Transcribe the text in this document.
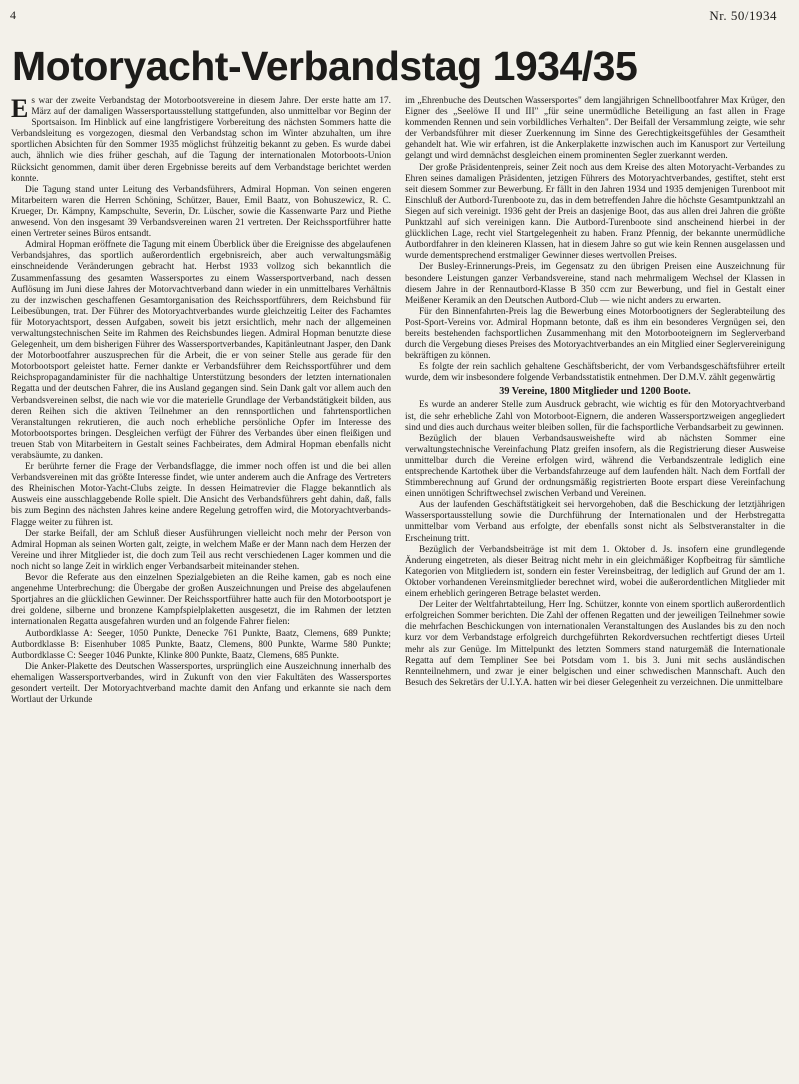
4	Nr. 50/1934
Motoryacht-Verbandstag 1934/35

Es war der zweite Verbandstag der Motorbootsvereine in diesem Jahre. Der erste hatte am 17. März auf der damaligen Wassersportausstellung stattgefunden, also unmittelbar vor Beginn der Sportsaison. Im Hinblick auf eine langfristigere Vorbereitung des nächsten Sommers hatte die Verbandsleitung es vorgezogen, diesmal den Verbandstag schon im Winter abzuhalten, um ihre sportlichen Absichten für den Sommer 1935 möglichst frühzeitig bekannt zu geben. Es wurde dabei auch, ähnlich wie dies früher geschah, auf die Tagung der internationalen Motorboots-Union Rücksicht genommen, damit über deren Ergebnisse bereits auf dem Verbandstage berichtet werden konnte.

Die Tagung stand unter Leitung des Verbandsführers, Admiral Hopman. Von seinen engeren Mitarbeitern waren die Herren Schöning, Schützer, Bauer, Emil Baatz, von Bohuszewicz, R. C. Krueger, Dr. Kämpny, Kampschulte, Severin, Dr. Lüscher, sowie die Kassenwarte Parz und Piethe anwesend. Von den insgesamt 39 Verbandsvereinen waren 21 vertreten. Der Reichssportführer hatte einen Vertreter seines Büros entsandt.

Admiral Hopman eröffnete die Tagung mit einem Überblick über die Ereignisse des abgelaufenen Verbandsjahres, das sportlich außerordentlich ergebnisreich, aber auch verwaltungsmäßig einschneidende Veränderungen gebracht hat. Herbst 1933 vollzog sich bekanntlich die Zusammenfassung des gesamten Wassersportes zu einem Wassersportverband, nach dessen Auflösung im Juni diese Jahres der Motorvachtverband dann wieder in ein unmittelbares Verhältnis zu der inzwischen geschaffenen Gesamtorganisation des Reichssportführers, dem Reichsbund für Leibesübungen, trat. Der Führer des Motoryachtverbandes wurde gleichzeitig Leiter des Fachamtes für Motoryachtsport, dessen Aufgaben, soweit bis jetzt ersichtlich, mehr nach der allgemeinen verwaltungstechnischen Seite im Rahmen des Reichsbundes liegen. Admiral Hopman benutzte diese Gelegenheit, um dem bisherigen Führer des Wassersportverbandes, Kapitänleutnant Jasper, den Dank der Motorbootfahrer auszusprechen für die Arbeit, die er von seiner Stelle aus gerade für den Motorbootsport geleistet hatte. Ferner dankte er Verbandsführer dem Reichssportführer und dem Reichspropagandaminister für die nachhaltige Unterstützung besonders der letzten internationalen Regatta und der deutschen Fahrer, die ins Ausland gegangen sind. Sein Dank galt vor allem auch den Verbandsvereinen selbst, die nach wie vor die materielle Grundlage der Verbandstätigkeit bilden, aus deren Reihen sich die aktiven Teilnehmer an den rennsportlichen und fahrtensportlichen Veranstaltungen rekrutieren, die auch noch erhebliche persönliche Opfer im Interesse des Motorbootsportes bringen. Desgleichen verfügt der Führer des Verbandes über einen fleißigen und treuen Stab von Mitarbeitern in Gestalt seines Fachbeirates, dem Admiral Hopman ebenfalls nicht verabsäumte, zu danken.

Er berührte ferner die Frage der Verbandsflagge, die immer noch offen ist und die bei allen Verbandsvereinen mit das größte Interesse findet, wie unter anderem auch die Anfrage des Vertreters des Rheinischen Motor-Yacht-Clubs zeigte. In dessen Heimatrevier die Flagge bekanntlich als Ausweis eine ausschlaggebende Rolle spielt. Die Ansicht des Verbandsführers geht dahin, daß, falls bis zum Beginn des nächsten Jahres keine andere Regelung getroffen wird, die Motoryachtverbands-Flagge weiter zu führen ist.

Der starke Beifall, der am Schluß dieser Ausführungen vielleicht noch mehr der Person von Admiral Hopman als seinen Worten galt, zeigte, in welchem Maße er der Mann nach dem Herzen der Vereine und ihrer Mitglieder ist, die doch zum Teil aus recht verschiedenen Lager kommen und die noch nicht so lange Zeit in wirklich enger Verbandsarbeit miteinander stehen.

Bevor die Referate aus den einzelnen Spezialgebieten an die Reihe kamen, gab es noch eine angenehme Unterbrechung: die Übergabe der großen Auszeichnungen und Preise des abgelaufenen Sportjahres an die glücklichen Gewinner. Der Reichssportführer hatte auch für den Motorbootsport je drei goldene, silberne und bronzene Kampfspielplaketten ausgesetzt, die im Rahmen der letzten internationalen Regatta ausgefahren wurden und an folgende Fahrer fielen:

Autbordklasse A: Seeger, 1050 Punkte, Denecke 761 Punkte, Baatz, Clemens, 689 Punkte; Autbordklasse B: Eisenhuber 1085 Punkte, Baatz, Clemens, 800 Punkte, Warme 580 Punkte; Autbordklasse C: Seeger 1046 Punkte, Klinke 800 Punkte, Baatz, Clemens, 685 Punkte.

Die Anker-Plakette des Deutschen Wassersportes, ursprünglich eine Auszeichnung innerhalb des ehemaligen Wassersportverbandes, wird in Zukunft von den vier Fakultäten des Wassersportes gesondert verteilt. Der Motoryachtverband machte damit den Anfang und erkannte sie nach dem Wortlaut der Urkunde

im „Ehrenbuche des Deutschen Wassersportes" dem langjährigen Schnellbootfahrer Max Krüger, den Eigner des „Seelöwe II und III" „für seine unermüdliche Beteiligung an fast allen in Frage kommenden Rennen und sein vorbildliches Verhalten". Der Beifall der Versammlung zeigte, wie sehr der Verbandsführer mit dieser Zuerkennung im Sinne des Gerechtigkeitsgefühles der Gesamtheit gehandelt hat. Wie wir erfahren, ist die Ankerplakette inzwischen auch im Kanusport zur Verteilung gelangt und wird demnächst desgleichen einem prominenten Segler zuerkannt werden.

Der große Präsidentenpreis, seiner Zeit noch aus dem Kreise des alten Motoryacht-Verbandes zu Ehren seines damaligen Präsidenten, jetzigen Führers des Motoryachtverbandes, gestiftet, steht erst seit diesem Sommer zur Bewerbung. Er fällt in den Jahren 1934 und 1935 demjenigen Turenboot mit Einschluß der Autbord-Turenboote zu, das in dem betreffenden Jahre die höchste Gesamtpunktzahl an Siegen auf sich vereinigt. 1936 geht der Preis an dasjenige Boot, das aus allen drei Jahren die größte Punktzahl auf sich vereinigen kann. Die Autbord-Turenboote sind anscheinend hierbei in der glücklichen Lage, recht viel Startgelegenheit zu haben. Franz Pfennig, der bekannte unermüdliche Autbordfahrer in den kleineren Klassen, hat in diesem Jahre so gut wie kein Rennen ausgelassen und wurde dementsprechend erstmaliger Gewinner dieses wertvollen Preises.

Der Busley-Erinnerungs-Preis, im Gegensatz zu den übrigen Preisen eine Auszeichnung für besondere Leistungen ganzer Verbandsvereine, stand nach mehrmaligem Wechsel der Klassen in diesem Jahre in der Rennautbord-Klasse B 350 ccm zur Bewerbung, und fiel in Gestalt einer Meißener Keramik an den Deutschen Autbord-Club — wie nicht anders zu erwarten.

Für den Binnenfahrten-Preis lag die Bewerbung eines Motorbootigners der Seglerabteilung des Post-Sport-Vereins vor. Admiral Hopmann betonte, daß es ihm ein besonderes Vergnügen sei, den bereits bestehenden fachsportlichen Zusammenhang mit den Motorbooteignern im Seglerverband durch die Vergebung dieses Preises des Motoryachtverbandes an ein Mitglied einer Seglervereinigung bekräftigen zu können.

Es folgte der rein sachlich gehaltene Geschäftsbericht, der vom Verbandsgeschäftsführer erteilt wurde, dem wir insbesondere folgende Verbandsstatistik entnehmen. Der D.M.V. zählt gegenwärtig

39 Vereine, 1800 Mitglieder und 1200 Boote.

Es wurde an anderer Stelle zum Ausdruck gebracht, wie wichtig es für den Motoryachtverband ist, die sehr erhebliche Zahl von Motorboot-Eignern, die anderen Wassersportzweigen angegliedert sind und dies auch durchaus weiter bleiben sollen, für die fachsportliche Verbandsarbeit zu gewinnen.

Bezüglich der blauen Verbandsausweishefte wird ab nächsten Sommer eine verwaltungstechnische Vereinfachung Platz greifen insofern, als die Registrierung dieser Ausweise unmittelbar durch die Vereine erfolgen wird, während die Verbandszentrale lediglich eine entsprechende Kartothek über die Verbandsfahrzeuge auf dem laufenden hält. Nach dem Fortfall der Stimmberechnung auf Grund der ordnungsmäßig registrierten Boote erspart diese Vereinfachung einen unnötigen Schriftwechsel zwischen Verband und Vereinen.

Aus der laufenden Geschäftstätigkeit sei hervorgehoben, daß die Beschickung der letztjährigen Wassersportausstellung sowie die Durchführung der Internationalen und der Herbstregatta unmittelbar vom Verband aus erfolgte, der ebenfalls sonst nicht als Selbstveranstalter in die Erscheinung tritt.

Bezüglich der Verbandsbeiträge ist mit dem 1. Oktober d. Js. insofern eine grundlegende Änderung eingetreten, als dieser Beitrag nicht mehr in ein gleichmäßiger Kopfbeitrag für sämtliche Kategorien von Mitgliedern ist, sondern ein fester Vereinsbeitrag, der lediglich auf Grund der am 1. Oktober vorhandenen Vereinsmitglieder berechnet wird, wobei die außerordentlichen Mitglieder mit einem erheblich geringeren Betrage belastet werden.

Der Leiter der Weltfahrtabteilung, Herr Ing. Schützer, konnte von einem sportlich außerordentlich erfolgreichen Sommer berichten. Die Zahl der offenen Regatten und der jeweiligen Teilnehmer sowie die mehrfachen Beschickungen von internationalen Veranstaltungen des Auslandes bis zu den noch kurz vor dem Verbandstage erfolgreich durchgeführten Rekordversuchen rechtfertigt dieses Urteil mehr als zur Genüge. Im Mittelpunkt des letzten Sommers stand naturgemäß die Internationale Regatta auf dem Templiner See bei Potsdam vom 1. bis 3. Juni mit sechs ausländischen Rennteilnehmern, und zwar je einer belgischen und einer schwedischen Mannschaft. Auch den Besuch des Sekretärs der U.I.Y.A. hatten wir bei dieser Gelegenheit zu verzeichnen. Die unmittelbare
